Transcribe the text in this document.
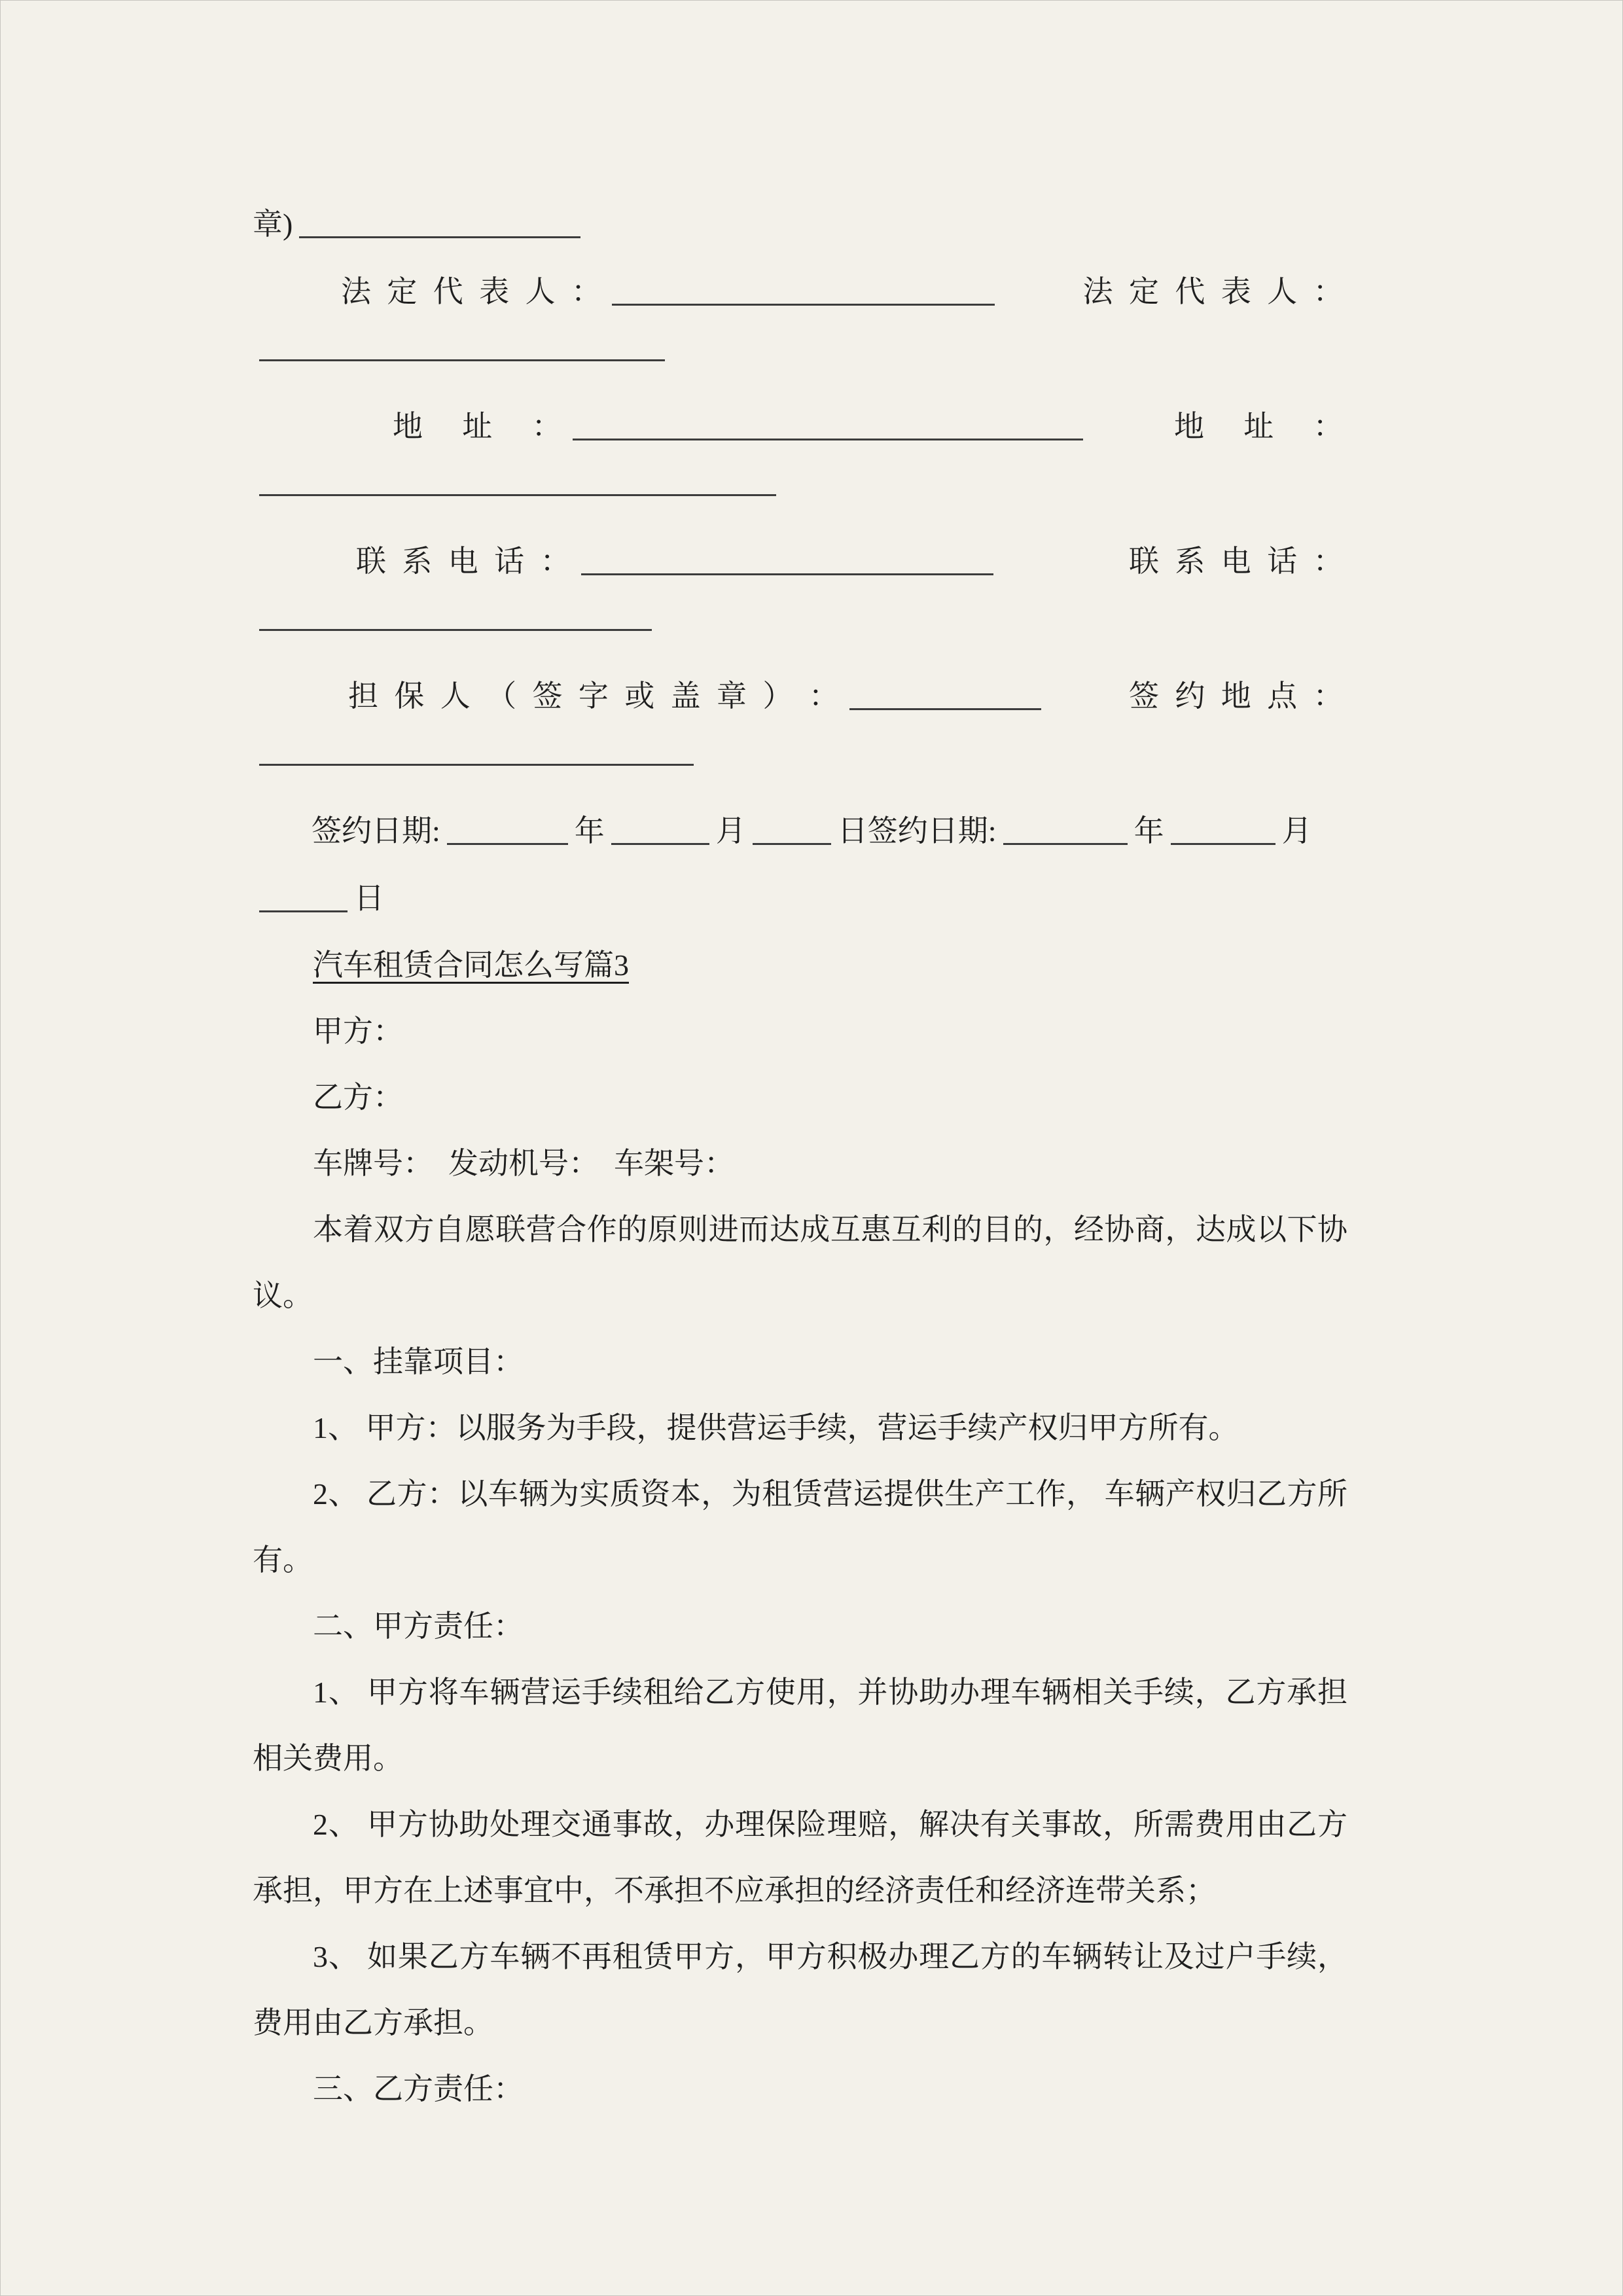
章)
法 定 代 表 人 ：	法 定 代 表 人 ：
地   址   ：	地   址   ：
联 系 电 话 ：	联 系 电 话 ：
担 保 人 （ 签 字 或 盖 章 ） ：	签 约 地 点 ：
签约日期:	年	月	日签约日期:	年	月
日

汽车租赁合同怎么写篇3

甲方：

乙方：

车牌号：  发动机号：  车架号：

本着双方自愿联营合作的原则进而达成互惠互利的目的，经协商，达成以下协议。

一、挂靠项目：

1、 甲方：以服务为手段，提供营运手续，营运手续产权归甲方所有。

2、 乙方：以车辆为实质资本，为租赁营运提供生产工作， 车辆产权归乙方所有。

二、甲方责任：

1、 甲方将车辆营运手续租给乙方使用，并协助办理车辆相关手续，乙方承担相关费用。

2、 甲方协助处理交通事故，办理保险理赔，解决有关事故，所需费用由乙方承担，甲方在上述事宜中，不承担不应承担的经济责任和经济连带关系；

3、 如果乙方车辆不再租赁甲方，甲方积极办理乙方的车辆转让及过户手续，费用由乙方承担。

三、乙方责任：
